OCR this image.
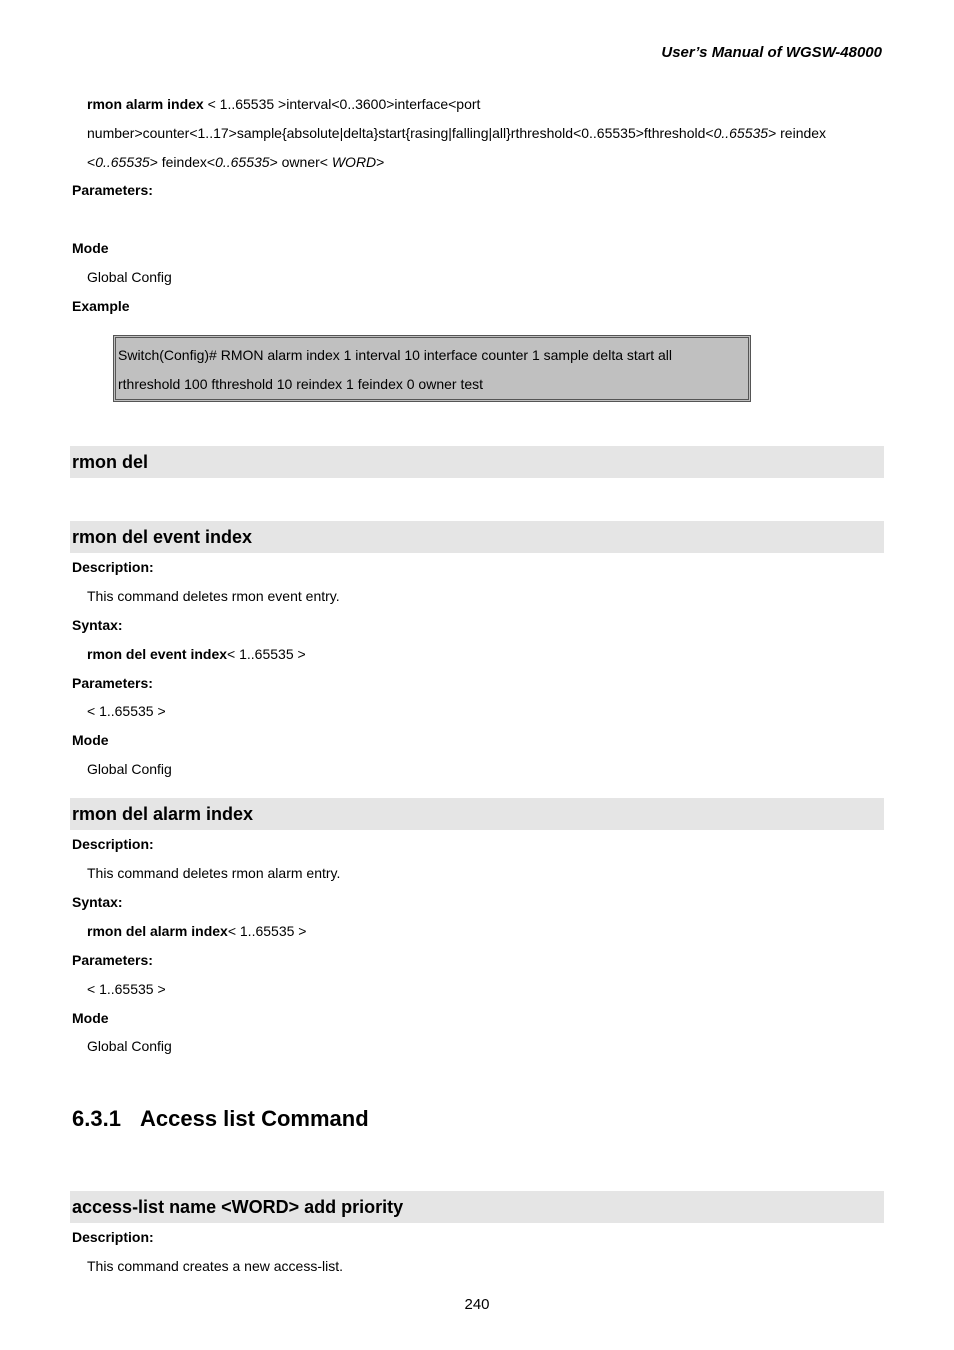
User’s Manual of WGSW-48000
rmon alarm index < 1..65535 >interval<0..3600>interface<port
number>counter<1..17>sample{absolute|delta}start{rasing|falling|all}rthreshold<0..65535>fthreshold<0..65535> reindex
<0..65535> feindex<0..65535> owner< WORD>
Parameters:
Mode
Global Config
Example
Switch(Config)# RMON alarm index 1 interval 10 interface counter 1 sample delta start all
rthreshold 100 fthreshold 10 reindex 1 feindex 0 owner test
rmon del
rmon del event index
Description:
This command deletes rmon event entry.
Syntax:
rmon del event index< 1..65535 >
Parameters:
< 1..65535 >
Mode
Global Config
rmon del alarm index
Description:
This command deletes rmon alarm entry.
Syntax:
rmon del alarm index< 1..65535 >
Parameters:
< 1..65535 >
Mode
Global Config
6.3.1 Access list Command
access-list name <WORD> add priority
Description:
This command creates a new access-list.
240
